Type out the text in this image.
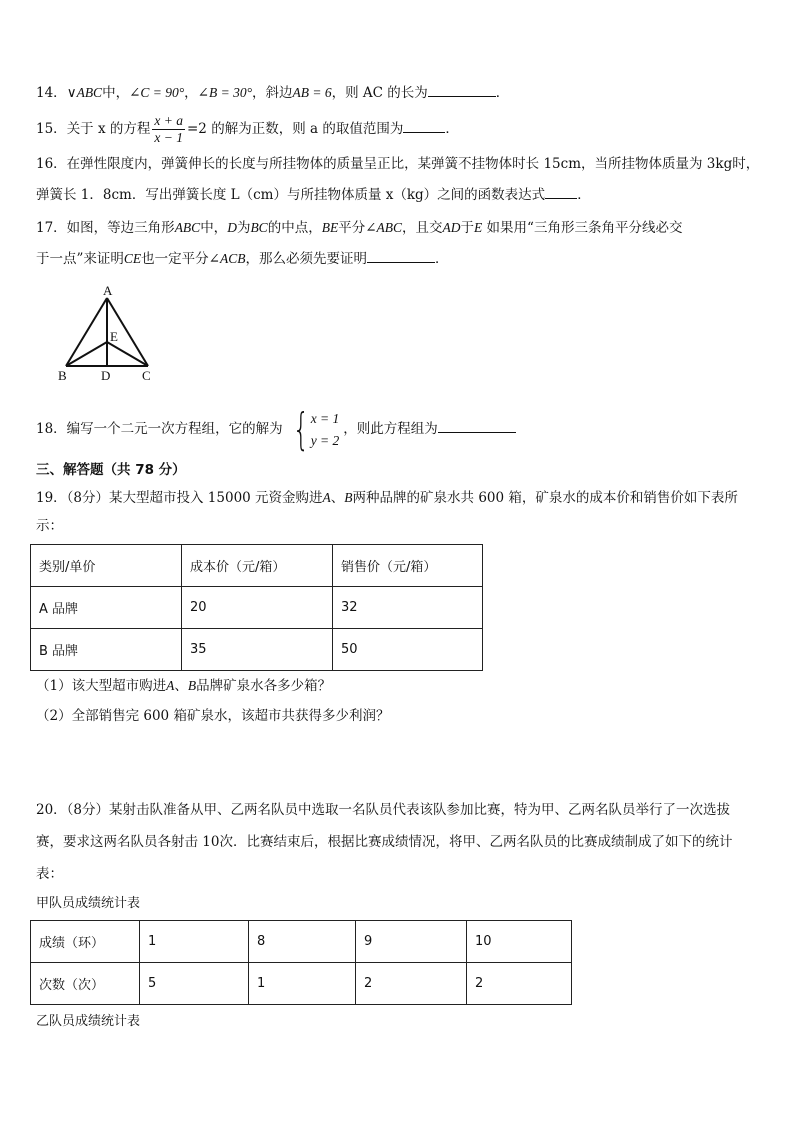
14．∨ABC中，∠C = 90°，∠B = 30°，斜边AB = 6，则 AC 的长为	．
15．关于 x 的方程 $\frac{x + a}{x - 1} =2$ 的解为正数，则 a 的取值范围为	．
16．在弹性限度内，弹簧伸长的长度与所挂物体的质量呈正比，某弹簧不挂物体时长 15cm，当所挂物体质量为 3kg时，
弹簧长 1．8cm．写出弹簧长度 L（cm）与所挂物体质量 x（kg）之间的函数表达式 ．
17．如图，等边三角形ABC中，D为BC的中点，BE平分∠ABC，且交AD于E 如果用“三角形三条角平分线必交
于一点”来证明CE也一定平分∠ACB，那么必须先要证明	．
A
E
B	D C
18．编写一个二元一次方程组，它的解为 { x = 1
y = 2
，则此方程组为
三、解答题（共 78 分）
19．（8分）某大型超市投入 15000 元资金购进A、B两种品牌的矿泉水共 600 箱，矿泉水的成本价和销售价如下表所
示：
类别/单价	成本价（元/箱）	销售价（元/箱）
A 品牌	20	32
B 品牌	35	50
（1）该大型超市购进A、B品牌矿泉水各多少箱？
（2）全部销售完 600 箱矿泉水，该超市共获得多少利润？
20．（8分）某射击队准备从甲、乙两名队员中选取一名队员代表该队参加比赛，特为甲、乙两名队员举行了一次选拔
赛，要求这两名队员各射击 10次．比赛结束后，根据比赛成绩情况，将甲、乙两名队员的比赛成绩制成了如下的统计
表：
甲队员成绩统计表
成绩（环）	1	8	9	10
次数（次）	5	1	2	2
乙队员成绩统计表
